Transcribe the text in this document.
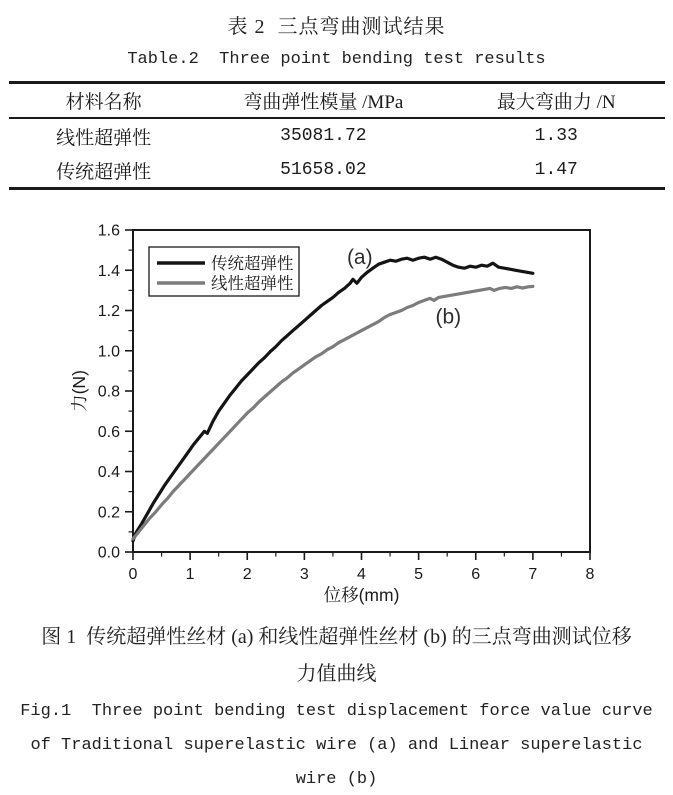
表 2  三点弯曲测试结果
Table.2  Three point bending test results
材料名称	弯曲弹性模量 /MPa	最大弯曲力 /N
线性超弹性	35081.72	1.33
传统超弹性	51658.02	1.47
0	1	2	3	4	5	6	7	8
0.0
0.2
0.4
0.6
0.8
1.0
1.2
1.4
1.6
传统超弹性
线性超弹性
(a)
(b)
位移(mm)
力(N)
图 1  传统超弹性丝材 (a) 和线性超弹性丝材 (b) 的三点弯曲测试位移
力值曲线
Fig.1  Three point bending test displacement force value curve
of Traditional superelastic wire (a) and Linear superelastic
wire (b)
